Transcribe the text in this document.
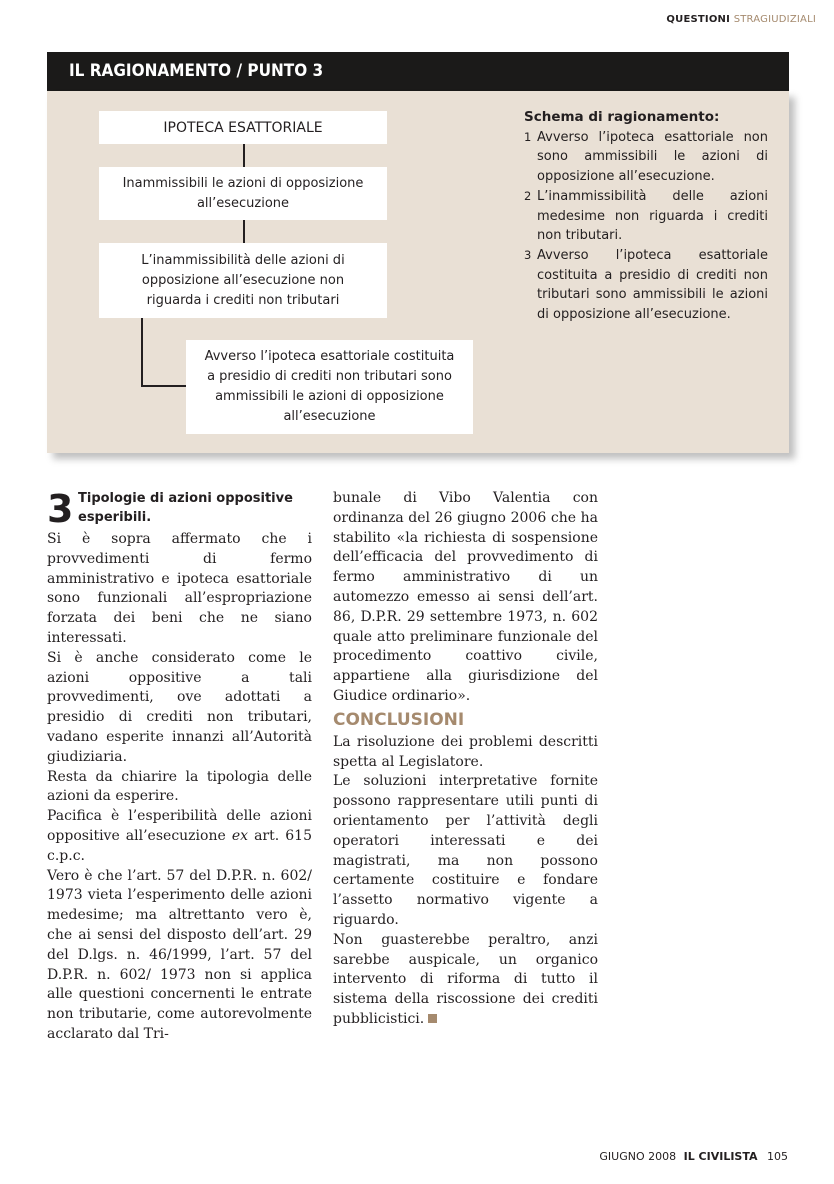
QUESTIONI STRAGIUDIZIALI
IL RAGIONAMENTO / PUNTO 3
IPOTECA ESATTORIALE
Inammissibili le azioni di opposizione all’esecuzione
L’inammissibilità delle azioni di opposizione all’esecuzione non riguarda i crediti non tributari
Avverso l’ipoteca esattoriale costituita a presidio di crediti non tributari sono ammissibili le azioni di opposizione all’esecuzione
Schema di ragionamento:
1 Avverso l’ipoteca esattoriale non sono ammissibili le azioni di opposizione all’esecuzione.
2 L’inammissibilità delle azioni medesime non riguarda i crediti non tributari.
3 Avverso l’ipoteca esattoriale costituita a presidio di crediti non tributari sono ammissibili le azioni di opposizione all’esecuzione.
3 Tipologie di azioni oppositive esperibili.

Si è sopra affermato che i provvedimenti di fermo amministrativo e ipoteca esattoriale sono funzionali all’espropriazione forzata dei beni che ne siano interessati.

Si è anche considerato come le azioni oppositive a tali provvedimenti, ove adottati a presidio di crediti non tributari, vadano esperite innanzi all’Autorità giudiziaria.

Resta da chiarire la tipologia delle azioni da esperire.

Pacifica è l’esperibilità delle azioni oppositive all’esecuzione ex art. 615 c.p.c.

Vero è che l’art. 57 del D.P.R. n. 602/ 1973 vieta l’esperimento delle azioni medesime; ma altrettanto vero è, che ai sensi del disposto dell’art. 29 del D.lgs. n. 46/1999, l’art. 57 del D.P.R. n. 602/ 1973 non si applica alle questioni concernenti le entrate non tributarie, come autorevolmente acclarato dal Tri-

bunale di Vibo Valentia con ordinanza del 26 giugno 2006 che ha stabilito «la richiesta di sospensione dell’efficacia del provvedimento di fermo amministrativo di un automezzo emesso ai sensi dell’art. 86, D.P.R. 29 settembre 1973, n. 602 quale atto preliminare funzionale del procedimento coattivo civile, appartiene alla giurisdizione del Giudice ordinario».

CONCLUSIONI

La risoluzione dei problemi descritti spetta al Legislatore.

Le soluzioni interpretative fornite possono rappresentare utili punti di orientamento per l’attività degli operatori interessati e dei magistrati, ma non possono certamente costituire e fondare l’assetto normativo vigente a riguardo.

Non guasterebbe peraltro, anzi sarebbe auspicale, un organico intervento di riforma di tutto il sistema della riscossione dei crediti pubblicistici.

GIUGNO 2008 IL CIVILISTA 105
